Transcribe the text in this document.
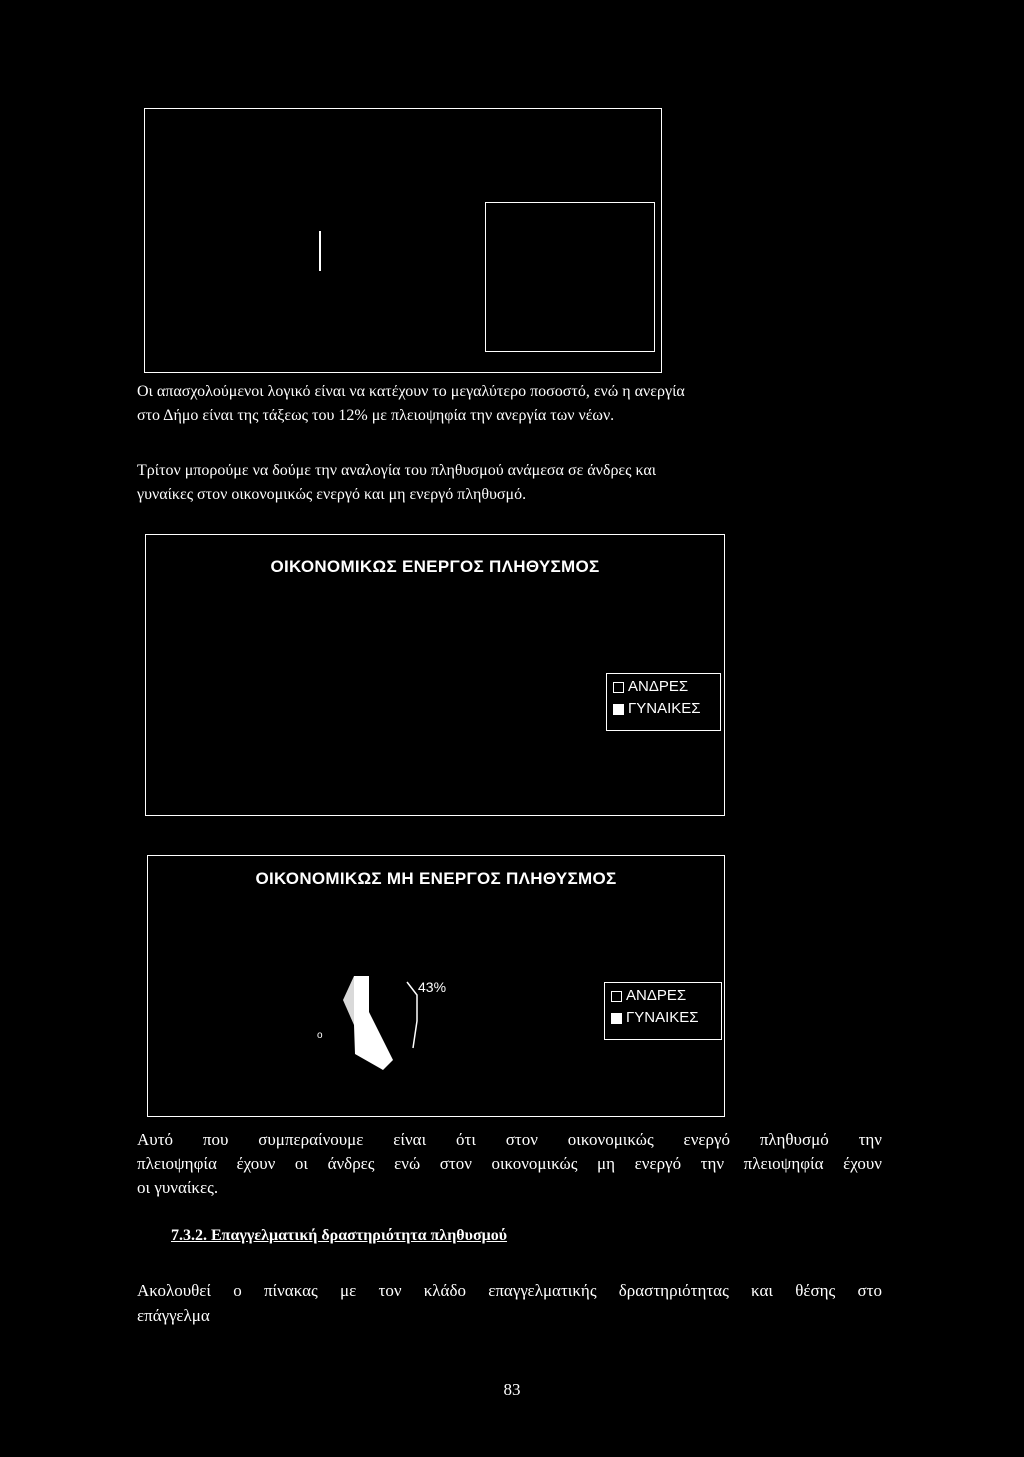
Οι απασχολούμενοι λογικό είναι να κατέχουν το μεγαλύτερο ποσοστό, ενώ η ανεργία
στο Δήμο είναι της τάξεως του 12% με πλειοψηφία την ανεργία των νέων.
Τρίτον μπορούμε να δούμε την αναλογία του πληθυσμού ανάμεσα σε άνδρες και
γυναίκες στον οικονομικώς ενεργό και μη ενεργό πληθυσμό.
ΟΙΚΟΝΟΜΙΚΩΣ ΕΝΕΡΓΟΣ ΠΛΗΘΥΣΜΟΣ
ΑΝΔΡΕΣ
ΓΥΝΑΙΚΕΣ
ΟΙΚΟΝΟΜΙΚΩΣ ΜΗ ΕΝΕΡΓΟΣ ΠΛΗΘΥΣΜΟΣ
43%
o
ΑΝΔΡΕΣ
ΓΥΝΑΙΚΕΣ
Αυτό που συμπεραίνουμε είναι ότι στον οικονομικώς ενεργό πληθυσμό την
πλειοψηφία έχουν οι άνδρες ενώ στον οικονομικώς μη ενεργό την πλειοψηφία έχουν
οι γυναίκες.
7.3.2. Επαγγελματική δραστηριότητα πληθυσμού
Ακολουθεί ο πίνακας με τον κλάδο επαγγελματικής δραστηριότητας και θέσης στο
επάγγελμα
83
